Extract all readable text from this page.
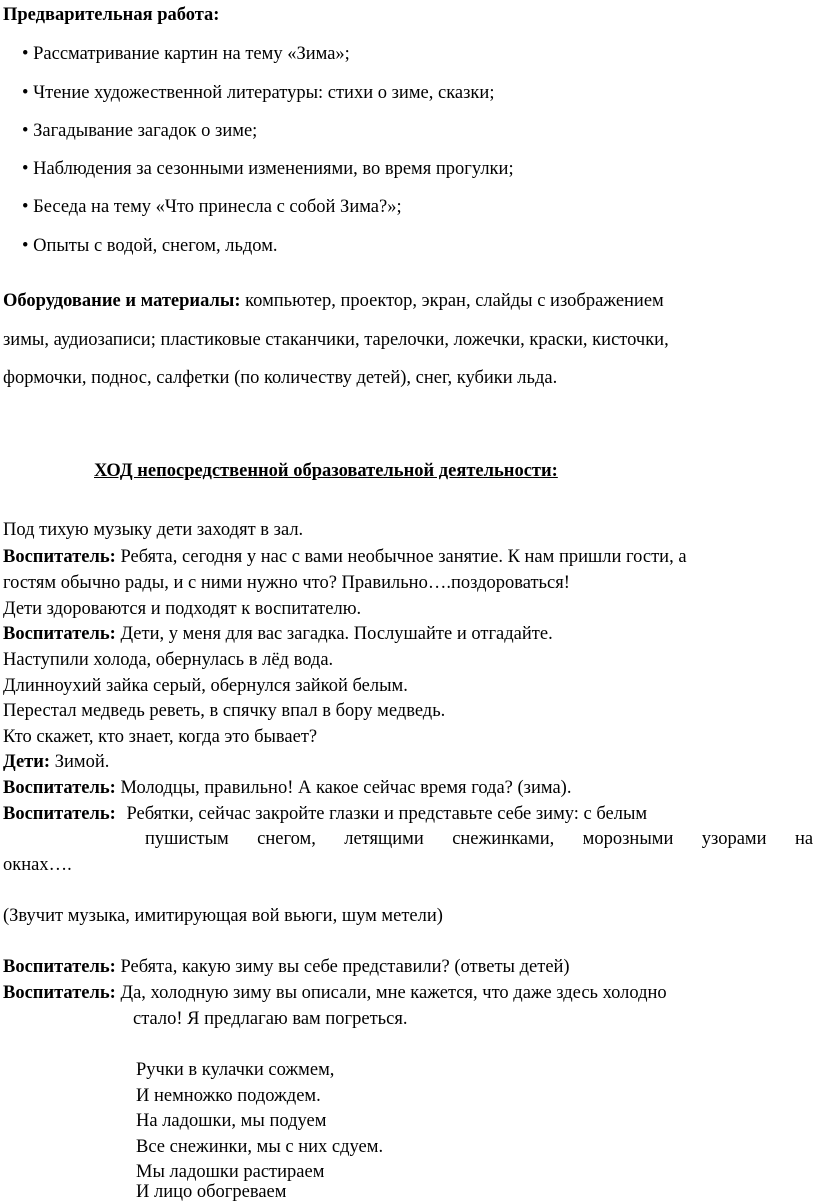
Предварительная работа:
• Рассматривание картин на тему «Зима»;
• Чтение художественной литературы: стихи о зиме, сказки;
• Загадывание загадок о зиме;
• Наблюдения за сезонными изменениями, во время прогулки;
• Беседа на тему «Что принесла с собой Зима?»;
• Опыты с водой, снегом, льдом.
Оборудование и материалы: компьютер, проектор, экран, слайды с изображением
зимы, аудиозаписи; пластиковые стаканчики, тарелочки, ложечки, краски, кисточки,
формочки, поднос, салфетки (по количеству детей), снег, кубики льда.
ХОД непосредственной образовательной деятельности:
Под тихую музыку дети заходят в зал.
Воспитатель: Ребята, сегодня у нас с вами необычное занятие. К нам пришли гости, а
гостям обычно рады, и с ними нужно что? Правильно….поздороваться!
Дети здороваются и подходят к воспитателю.
Воспитатель: Дети, у меня для вас загадка. Послушайте и отгадайте.
Наступили холода, обернулась в лёд вода.
Длинноухий зайка серый, обернулся зайкой белым.
Перестал медведь реветь, в спячку впал в бору медведь.
Кто скажет, кто знает, когда это бывает?
Дети: Зимой.
Воспитатель: Молодцы, правильно! А какое сейчас время года? (зима).
Воспитатель: Ребятки, сейчас закройте глазки и представьте себе зиму: с белым
пушистым снегом, летящими снежинками, морозными узорами на
окнах….
(Звучит музыка, имитирующая вой вьюги, шум метели)
Воспитатель: Ребята, какую зиму вы себе представили? (ответы детей)
Воспитатель: Да, холодную зиму вы описали, мне кажется, что даже здесь холодно
стало! Я предлагаю вам погреться.
Ручки в кулачки сожмем,
И немножко подождем.
На ладошки, мы подуем
Все снежинки, мы с них сдуем.
Мы ладошки растираем
И лицо обогреваем
